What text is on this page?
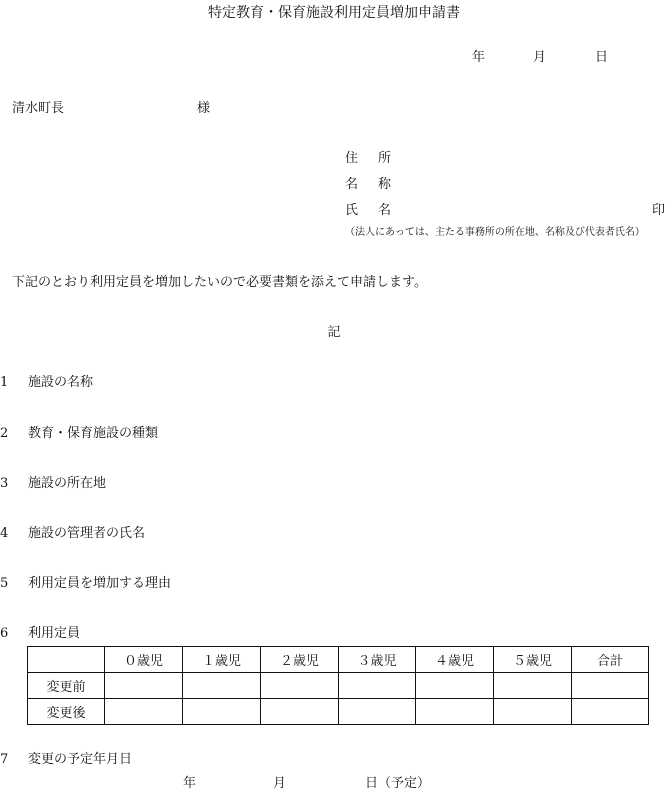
特定教育・保育施設利用定員増加申請書
年	月	日
清水町長	様
住 所
名 称
氏 名	印
（法人にあっては、主たる事務所の所在地、名称及び代表者氏名）
下記のとおり利用定員を増加したいので必要書類を添えて申請します。
記
1 施設の名称
2 教育・保育施設の種類
3 施設の所在地
4 施設の管理者の氏名
5 利用定員を増加する理由
6 利用定員
	０歳児	１歳児	２歳児	３歳児	４歳児	５歳児	合計
変更前							
変更後							
7 変更の予定年月日
年	月	日（予定）
